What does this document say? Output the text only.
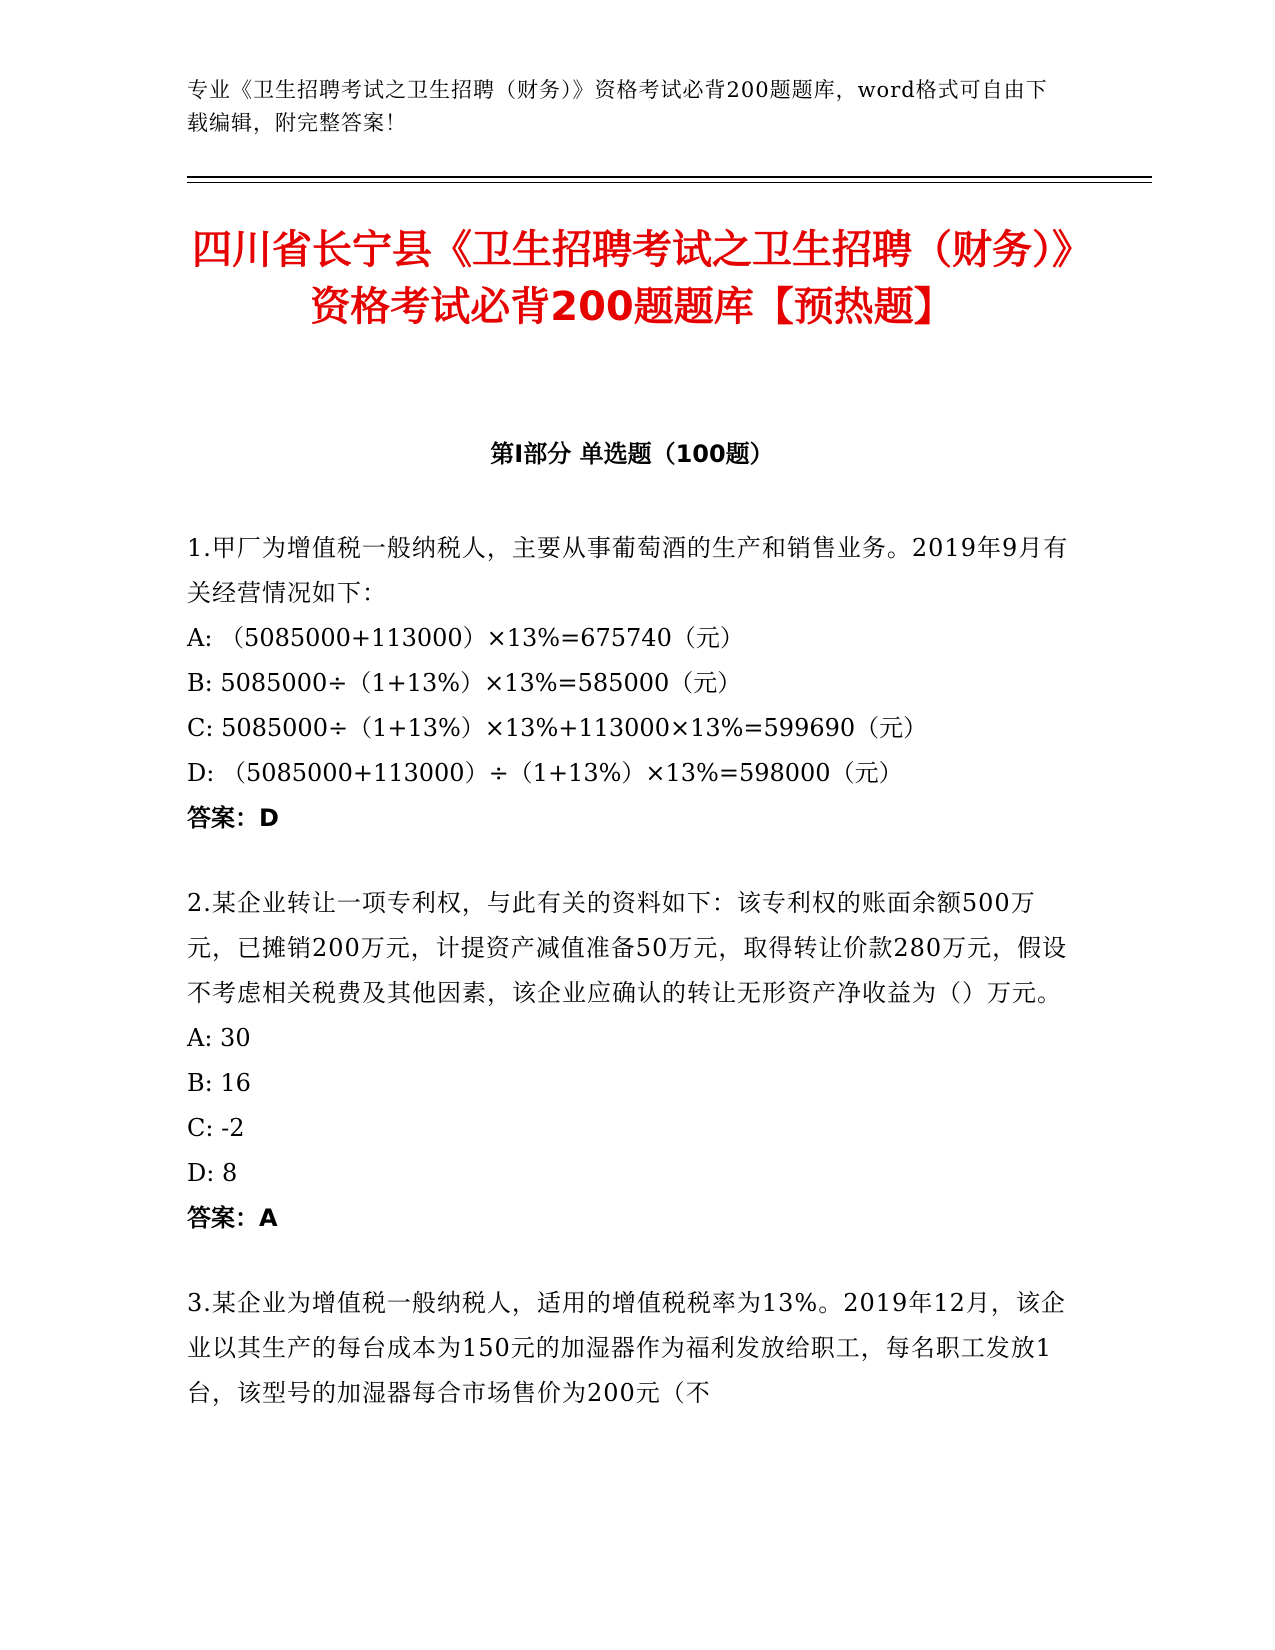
专业《卫生招聘考试之卫生招聘（财务）》资格考试必背200题题库，word格式可自由下载编辑，附完整答案！
四川省长宁县《卫生招聘考试之卫生招聘（财务）》资格考试必背200题题库【预热题】
第I部分 单选题（100题）

1.甲厂为增值税一般纳税人，主要从事葡萄酒的生产和销售业务。2019年9月有关经营情况如下：

A: （5085000+113000）×13%=675740（元）

B: 5085000÷（1+13%）×13%=585000（元）

C: 5085000÷（1+13%）×13%+113000×13%=599690（元）

D: （5085000+113000）÷（1+13%）×13%=598000（元）

答案：D

2.某企业转让一项专利权，与此有关的资料如下：该专利权的账面余额500万元，已摊销200万元，计提资产减值准备50万元，取得转让价款280万元，假设不考虑相关税费及其他因素，该企业应确认的转让无形资产净收益为（）万元。

A: 30

B: 16

C: -2

D: 8

答案：A

3.某企业为增值税一般纳税人，适用的增值税税率为13%。2019年12月，该企业以其生产的每台成本为150元的加湿器作为福利发放给职工，每名职工发放1台，该型号的加湿器每合市场售价为200元（不
